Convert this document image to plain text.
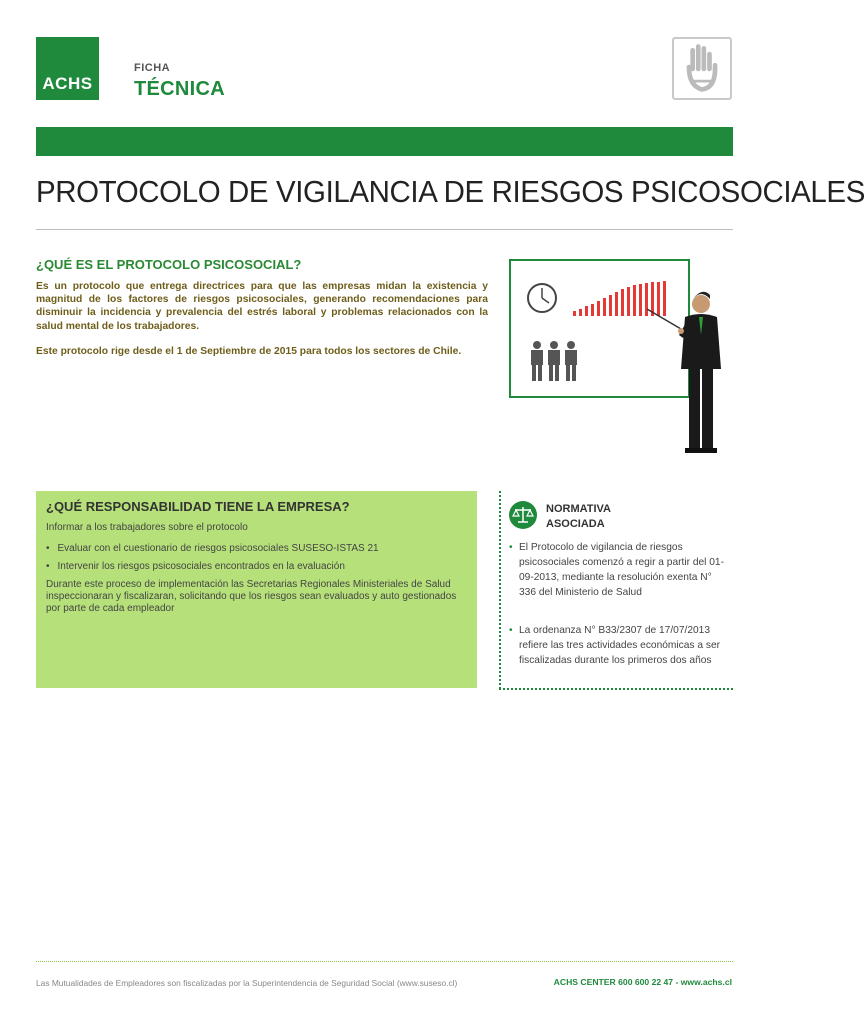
ACHS
FICHA
TÉCNICA
PROTOCOLO DE VIGILANCIA DE RIESGOS PSICOSOCIALES
¿QUÉ ES EL PROTOCOLO PSICOSOCIAL?
Es un protocolo que entrega directrices para que las empresas midan la existencia y magnitud de los factores de riesgos psicosociales, generando recomendaciones para disminuir la incidencia y prevalencia del estrés laboral y problemas relacionados con la salud mental de los trabajadores.
Este protocolo rige desde el 1 de Septiembre de 2015 para todos los sectores de Chile.
¿QUÉ RESPONSABILIDAD TIENE LA EMPRESA?
Informar a los trabajadores sobre el protocolo
• Evaluar con el cuestionario de riesgos psicosociales SUSESO-ISTAS 21
• Intervenir los riesgos psicosociales encontrados en la evaluación
Durante este proceso de implementación las Secretarias Regionales Ministeriales de Salud inspeccionaran y fiscalizaran, solicitando que los riesgos sean evaluados y auto gestionados por parte de cada empleador
NORMATIVA
ASOCIADA
• El Protocolo de vigilancia de riesgos psicosociales comenzó a regir a partir del 01-09-2013, mediante la resolución exenta N° 336 del Ministerio de Salud
• La ordenanza N° B33/2307 de 17/07/2013 refiere las tres actividades económicas a ser fiscalizadas durante los primeros dos años
Las Mutualidades de Empleadores son fiscalizadas por la Superintendencia de Seguridad Social (www.suseso.cl)	ACHS CENTER 600 600 22 47 - www.achs.cl
